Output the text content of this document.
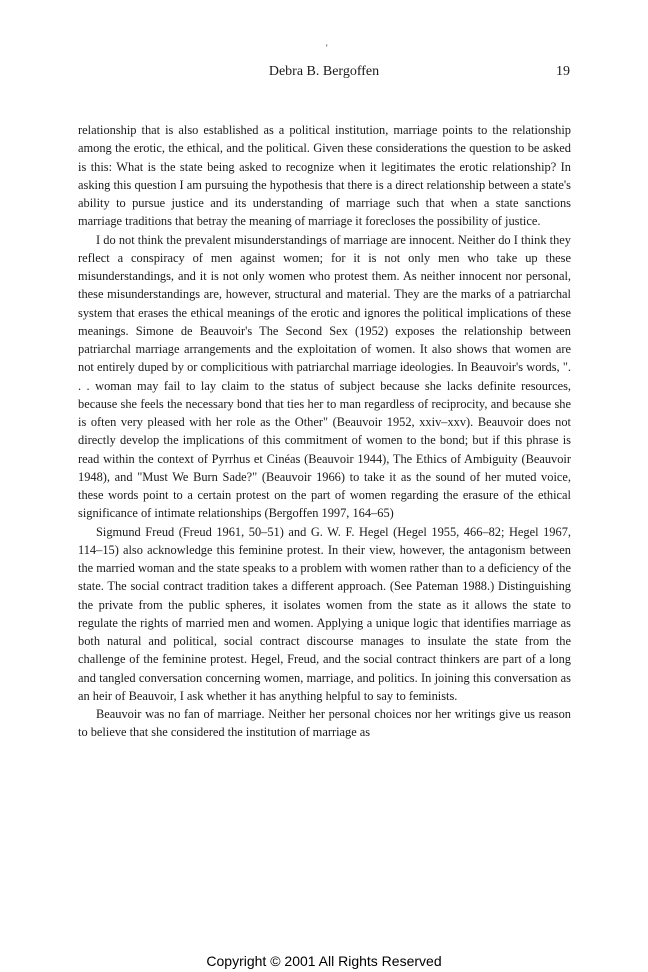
'
Debra B. Bergoffen	19

relationship that is also established as a political institution, marriage points to the relationship among the erotic, the ethical, and the political. Given these considerations the question to be asked is this: What is the state being asked to recognize when it legitimates the erotic relationship? In asking this question I am pursuing the hypothesis that there is a direct relationship between a state's ability to pursue justice and its understanding of marriage such that when a state sanctions marriage traditions that betray the meaning of marriage it forecloses the possibility of justice.

I do not think the prevalent misunderstandings of marriage are innocent. Neither do I think they reflect a conspiracy of men against women; for it is not only men who take up these misunderstandings, and it is not only women who protest them. As neither innocent nor personal, these misunderstandings are, however, structural and material. They are the marks of a patriarchal system that erases the ethical meanings of the erotic and ignores the political implications of these meanings. Simone de Beauvoir's The Second Sex (1952) exposes the relationship between patriarchal marriage arrangements and the exploitation of women. It also shows that women are not entirely duped by or complicitious with patriarchal marriage ideologies. In Beauvoir's words, ". . . woman may fail to lay claim to the status of subject because she lacks definite resources, because she feels the necessary bond that ties her to man regardless of reciprocity, and because she is often very pleased with her role as the Other" (Beauvoir 1952, xxiv–xxv). Beauvoir does not directly develop the implications of this commitment of women to the bond; but if this phrase is read within the context of Pyrrhus et Cinéas (Beauvoir 1944), The Ethics of Ambiguity (Beauvoir 1948), and "Must We Burn Sade?" (Beauvoir 1966) to take it as the sound of her muted voice, these words point to a certain protest on the part of women regarding the erasure of the ethical significance of intimate relationships (Bergoffen 1997, 164–65)

Sigmund Freud (Freud 1961, 50–51) and G. W. F. Hegel (Hegel 1955, 466–82; Hegel 1967, 114–15) also acknowledge this feminine protest. In their view, however, the antagonism between the married woman and the state speaks to a problem with women rather than to a deficiency of the state. The social contract tradition takes a different approach. (See Pateman 1988.) Distinguishing the private from the public spheres, it isolates women from the state as it allows the state to regulate the rights of married men and women. Applying a unique logic that identifies marriage as both natural and political, social contract discourse manages to insulate the state from the challenge of the feminine protest. Hegel, Freud, and the social contract thinkers are part of a long and tangled conversation concerning women, marriage, and politics. In joining this conversation as an heir of Beauvoir, I ask whether it has anything helpful to say to feminists.

Beauvoir was no fan of marriage. Neither her personal choices nor her writings give us reason to believe that she considered the institution of marriage as

Copyright © 2001 All Rights Reserved
